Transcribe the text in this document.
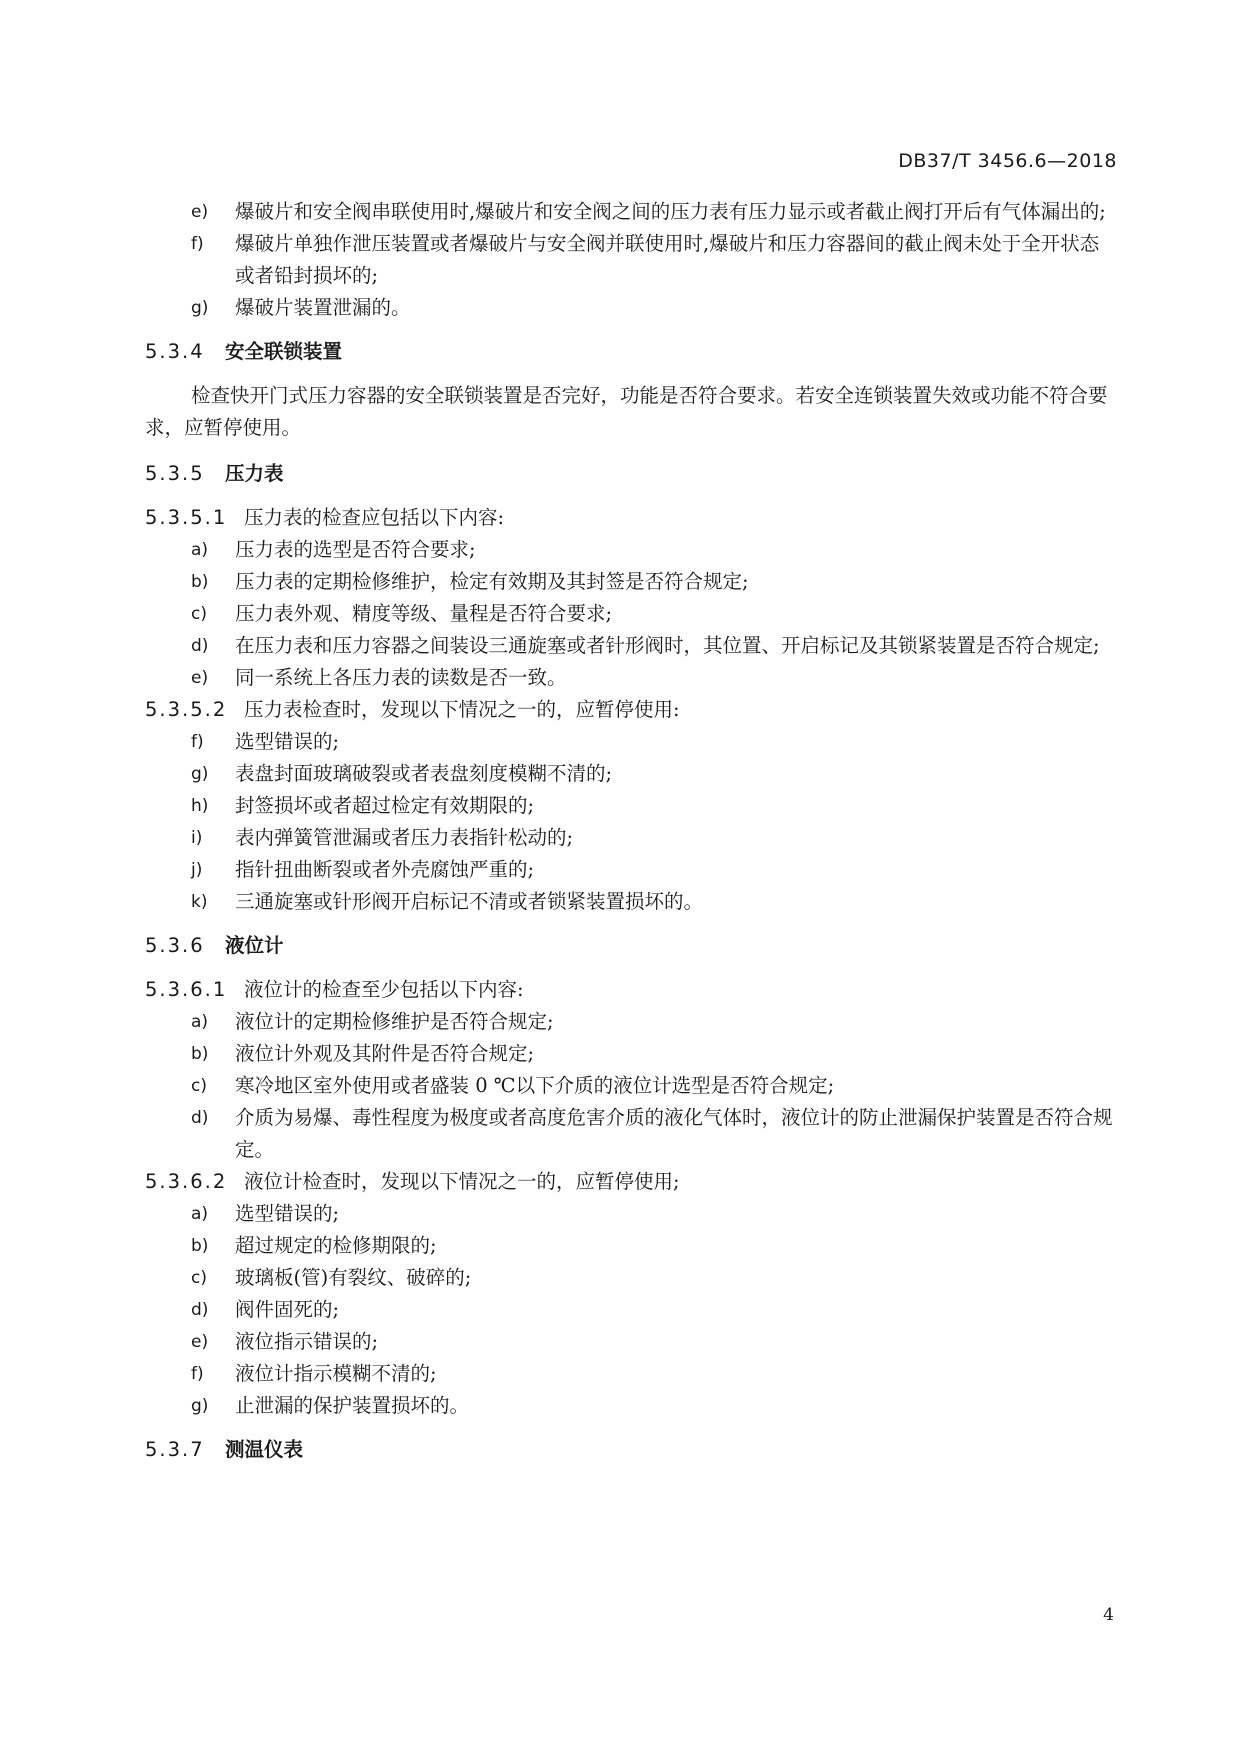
DB37/T 3456.6—2018
e) 爆破片和安全阀串联使用时,爆破片和安全阀之间的压力表有压力显示或者截止阀打开后有气体漏出的;
f) 爆破片单独作泄压装置或者爆破片与安全阀并联使用时,爆破片和压力容器间的截止阀未处于全开状态或者铅封损坏的;
g) 爆破片装置泄漏的。
5.3.4 安全联锁装置
检查快开门式压力容器的安全联锁装置是否完好，功能是否符合要求。若安全连锁装置失效或功能不符合要求，应暂停使用。
5.3.5 压力表
5.3.5.1 压力表的检查应包括以下内容:
a) 压力表的选型是否符合要求;
b) 压力表的定期检修维护，检定有效期及其封签是否符合规定;
c) 压力表外观、精度等级、量程是否符合要求;
d) 在压力表和压力容器之间装设三通旋塞或者针形阀时，其位置、开启标记及其锁紧装置是否符合规定;
e) 同一系统上各压力表的读数是否一致。
5.3.5.2 压力表检查时，发现以下情况之一的，应暂停使用:
f) 选型错误的;
g) 表盘封面玻璃破裂或者表盘刻度模糊不清的;
h) 封签损坏或者超过检定有效期限的;
i) 表内弹簧管泄漏或者压力表指针松动的;
j) 指针扭曲断裂或者外壳腐蚀严重的;
k) 三通旋塞或针形阀开启标记不清或者锁紧装置损坏的。
5.3.6 液位计
5.3.6.1 液位计的检查至少包括以下内容:
a) 液位计的定期检修维护是否符合规定;
b) 液位计外观及其附件是否符合规定;
c) 寒冷地区室外使用或者盛装 0 ℃以下介质的液位计选型是否符合规定;
d) 介质为易爆、毒性程度为极度或者高度危害介质的液化气体时，液位计的防止泄漏保护装置是否符合规定。
5.3.6.2 液位计检查时，发现以下情况之一的，应暂停使用;
a) 选型错误的;
b) 超过规定的检修期限的;
c) 玻璃板(管)有裂纹、破碎的;
d) 阀件固死的;
e) 液位指示错误的;
f) 液位计指示模糊不清的;
g) 止泄漏的保护装置损坏的。
5.3.7 测温仪表
4
